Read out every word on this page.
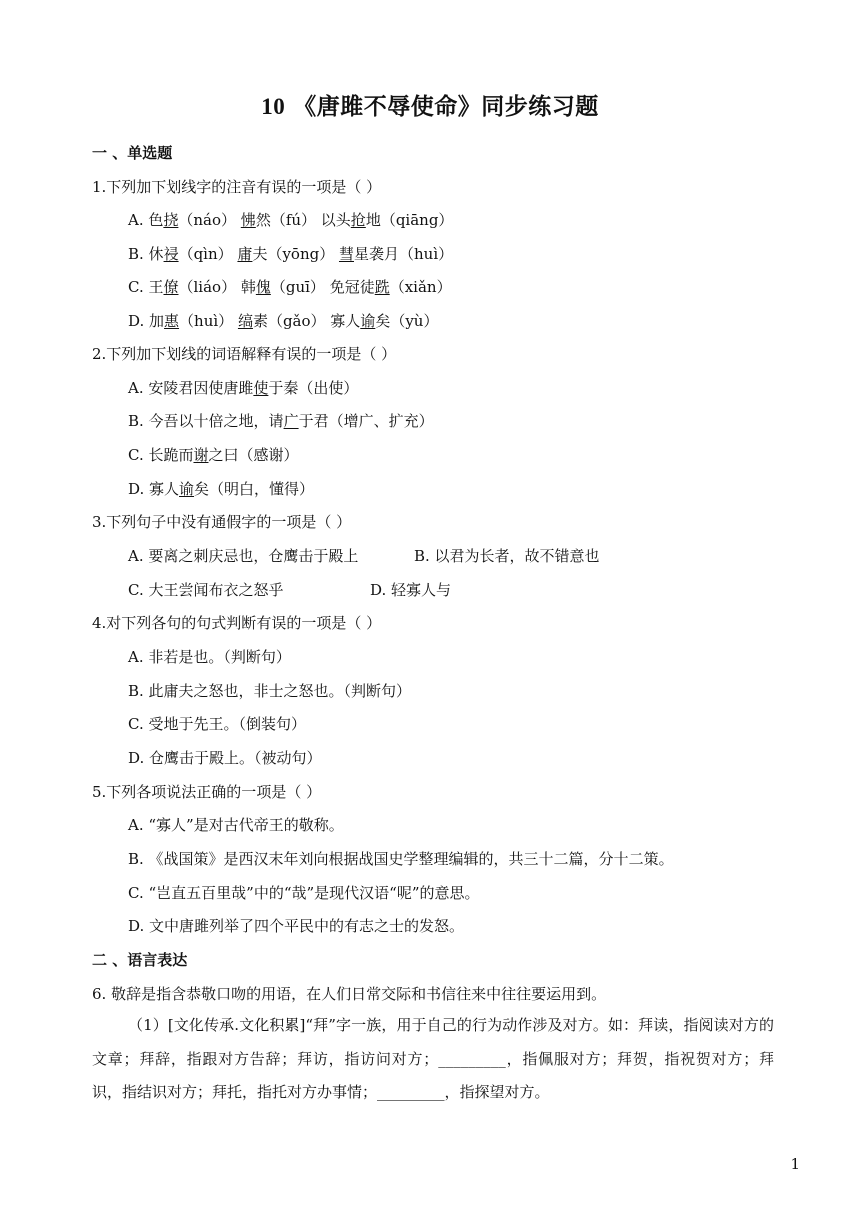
10 《唐雎不辱使命》同步练习题
一 、单选题
1.下列加下划线字的注音有误的一项是（ ）
A. 色挠（náo） 怫然（fú） 以头抢地（qiāng）
B. 休祲（qìn） 庸夫（yōng） 彗星袭月（huì）
C. 王僚（liáo） 韩傀（guī） 免冠徒跣（xiǎn）
D. 加惠（huì） 缟素（gǎo） 寡人谕矣（yù）
2.下列加下划线的词语解释有误的一项是（ ）
A. 安陵君因使唐雎使于秦（出使）
B. 今吾以十倍之地，请广于君（增广、扩充）
C. 长跪而谢之曰（感谢）
D. 寡人谕矣（明白，懂得）
3.下列句子中没有通假字的一项是（ ）
A. 要离之刺庆忌也，仓鹰击于殿上	B. 以君为长者，故不错意也
C. 大王尝闻布衣之怒乎	D. 轻寡人与
4.对下列各句的句式判断有误的一项是（ ）
A. 非若是也。（判断句）
B. 此庸夫之怒也，非士之怒也。（判断句）
C. 受地于先王。（倒装句）
D. 仓鹰击于殿上。（被动句）
5.下列各项说法正确的一项是（ ）
A. “寡人”是对古代帝王的敬称。
B. 《战国策》是西汉末年刘向根据战国史学整理编辑的，共三十二篇，分十二策。
C. “岂直五百里哉”中的“哉”是现代汉语“呢”的意思。
D. 文中唐雎列举了四个平民中的有志之士的发怒。
二 、语言表达
6. 敬辞是指含恭敬口吻的用语，在人们日常交际和书信往来中往往要运用到。
（1）[文化传承.文化积累]“拜”字一族，用于自己的行为动作涉及对方。如：拜读，指阅读对方的文章；拜辞，指跟对方告辞；拜访，指访问对方；_________，指佩服对方；拜贺，指祝贺对方；拜识，指结识对方；拜托，指托对方办事情；_________，指探望对方。
1
